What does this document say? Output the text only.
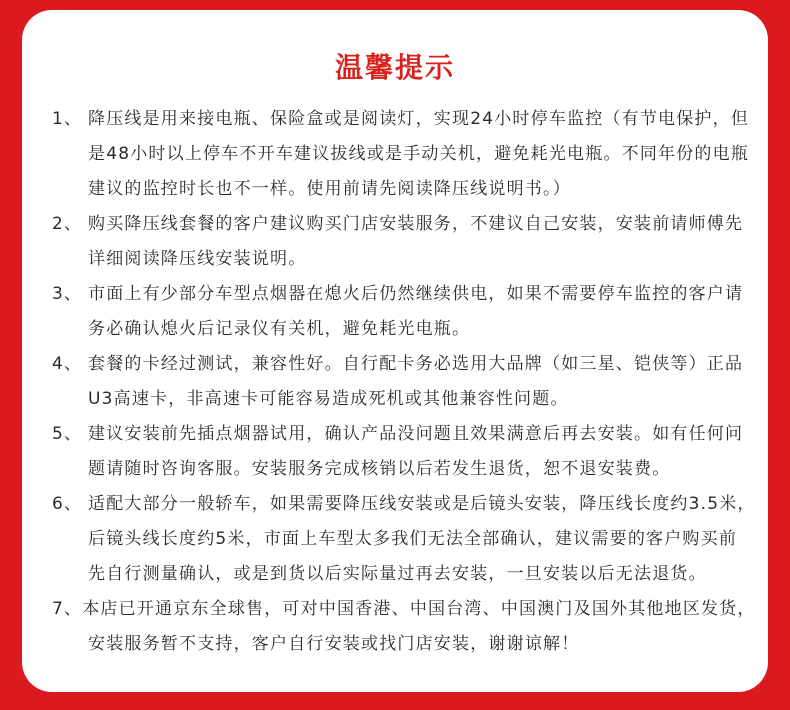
温馨提示
1、 降压线是用来接电瓶、保险盒或是阅读灯，实现24小时停车监控（有节电保护，但
是48小时以上停车不开车建议拔线或是手动关机，避免耗光电瓶。不同年份的电瓶
建议的监控时长也不一样。使用前请先阅读降压线说明书。）
2、 购买降压线套餐的客户建议购买门店安装服务，不建议自己安装，安装前请师傅先
详细阅读降压线安装说明。
3、 市面上有少部分车型点烟器在熄火后仍然继续供电，如果不需要停车监控的客户请
务必确认熄火后记录仪有关机，避免耗光电瓶。
4、 套餐的卡经过测试，兼容性好。自行配卡务必选用大品牌（如三星、铠侠等）正品
U3高速卡，非高速卡可能容易造成死机或其他兼容性问题。
5、 建议安装前先插点烟器试用，确认产品没问题且效果满意后再去安装。如有任何问
题请随时咨询客服。安装服务完成核销以后若发生退货，恕不退安装费。
6、 适配大部分一般轿车，如果需要降压线安装或是后镜头安装，降压线长度约3.5米，
后镜头线长度约5米，市面上车型太多我们无法全部确认，建议需要的客户购买前
先自行测量确认，或是到货以后实际量过再去安装，一旦安装以后无法退货。
7、本店已开通京东全球售，可对中国香港、中国台湾、中国澳门及国外其他地区发货，
安装服务暂不支持，客户自行安装或找门店安装，谢谢谅解！
